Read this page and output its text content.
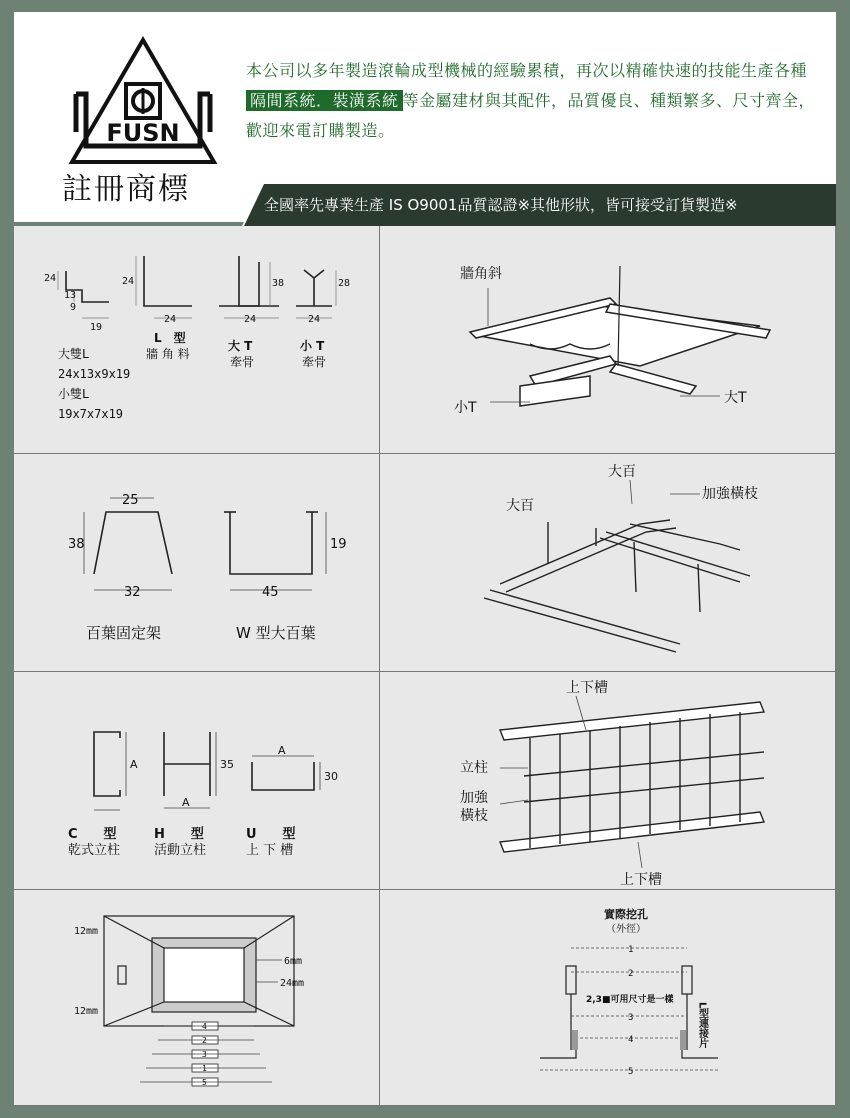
FUSN
註冊商標
本公司以多年製造滾輪成型機械的經驗累積，再次以精確快速的技能生產各種隔間系統．裝潢系統 等金屬建材與其配件，品質優良、種類繁多、尺寸齊全，歡迎來電訂購製造。
全國率先專業生產 IS O9001品質認證※其他形狀，皆可接受訂貨製造※
24
13
9
19
24
24
38
24
28
24
L　型
牆 角 料
大 T
牽骨
小 T
牽骨
大雙L
24x13x9x19
小雙L
19x7x7x19
牆角斜
小T
大T
25
38
32
19
45
百葉固定架	W 型大百葉
大百
大百
加強橫枝
A
A
A
35
30
C　　型
乾式立柱
H　　型
活動立柱
U　　型
上 下 槽
上下槽
立柱
加強
橫枝
上下槽
12mm
12mm
6mm
24mm
4
2
3
1
5
實際挖孔
（外徑）
1
2
2,3■可用尺寸是一樣
3
4
5
L型連接片
